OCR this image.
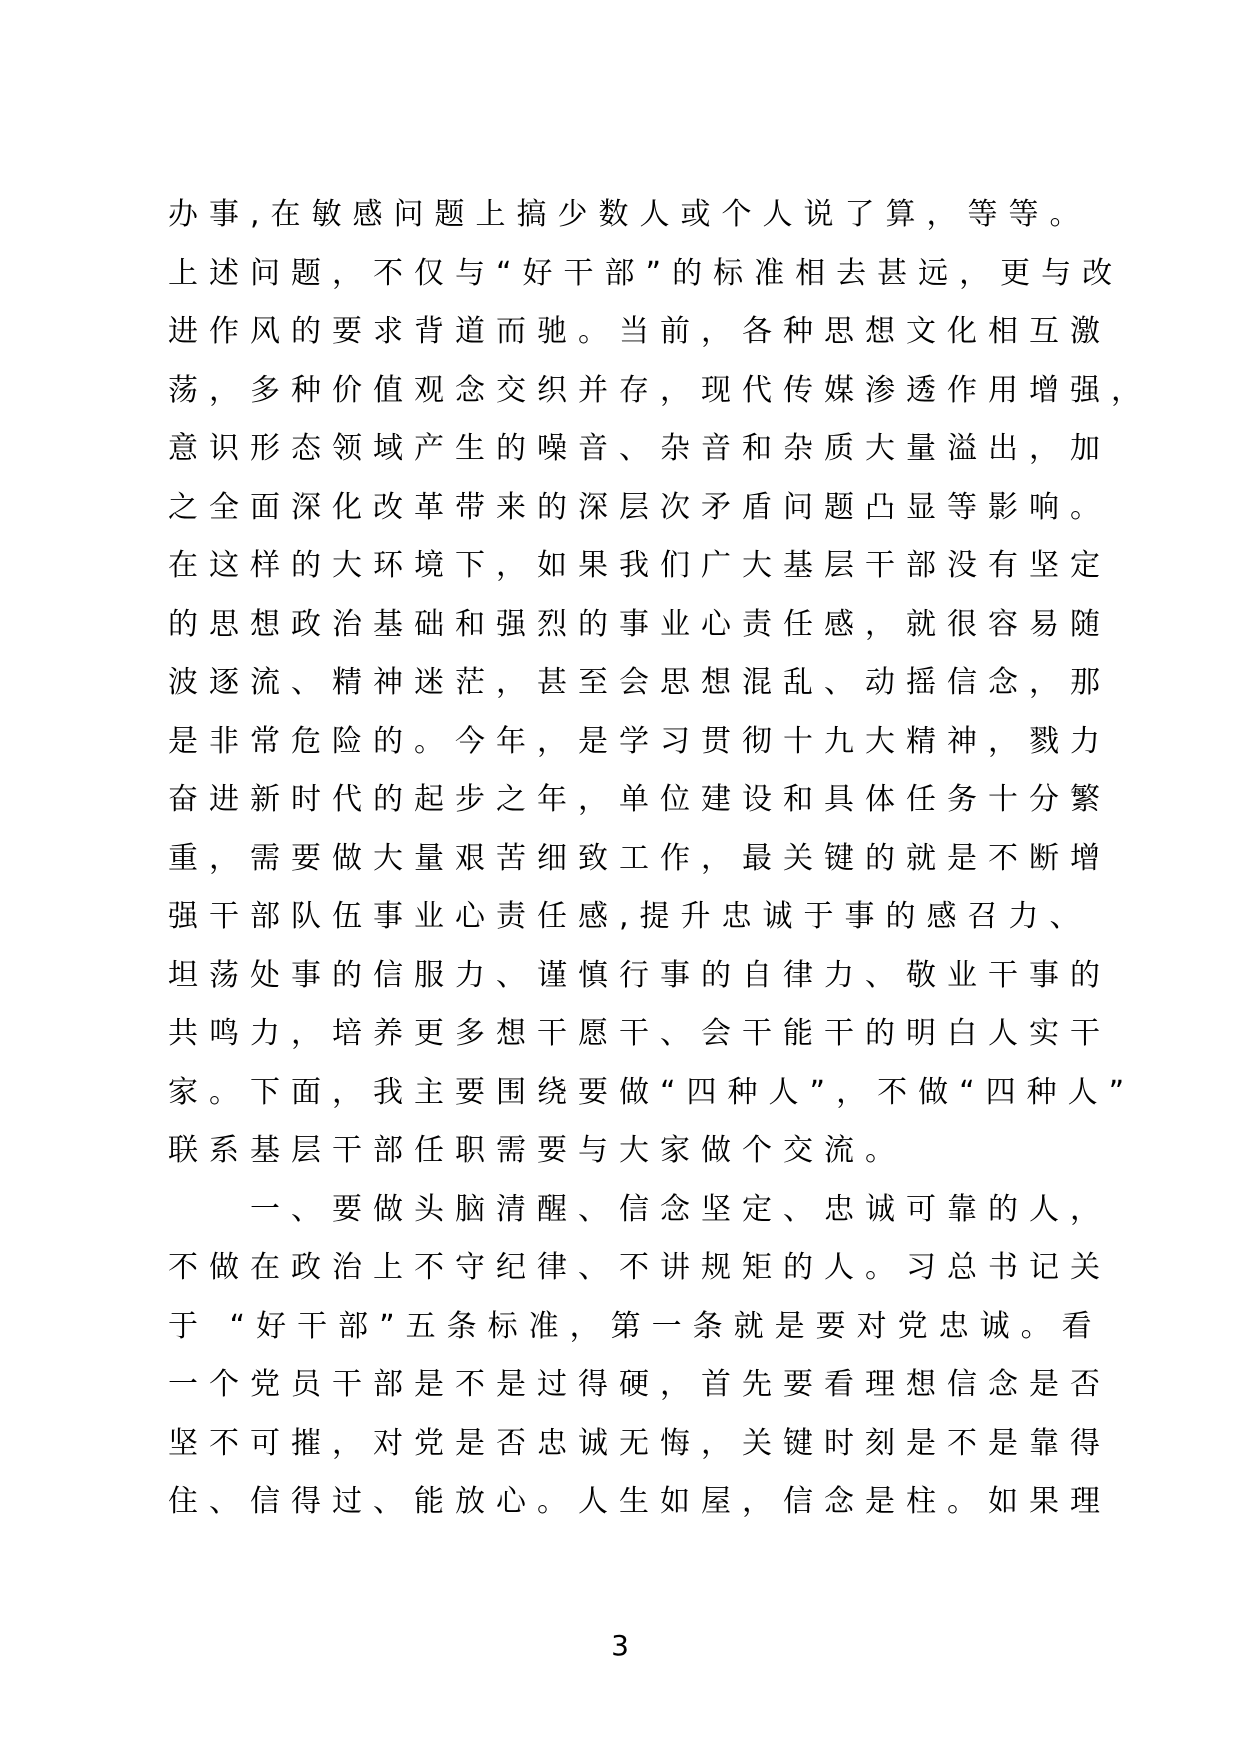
办事,在敏感问题上搞少数人或个人说了算，等等。
上述问题，不仅与“好干部”的标准相去甚远，更与改
进作风的要求背道而驰。当前，各种思想文化相互激
荡，多种价值观念交织并存，现代传媒渗透作用增强，
意识形态领域产生的噪音、杂音和杂质大量溢出，加
之全面深化改革带来的深层次矛盾问题凸显等影响。
在这样的大环境下，如果我们广大基层干部没有坚定
的思想政治基础和强烈的事业心责任感，就很容易随
波逐流、精神迷茫，甚至会思想混乱、动摇信念，那
是非常危险的。今年，是学习贯彻十九大精神，戮力
奋进新时代的起步之年，单位建设和具体任务十分繁
重，需要做大量艰苦细致工作，最关键的就是不断增
强干部队伍事业心责任感,提升忠诚于事的感召力、
坦荡处事的信服力、谨慎行事的自律力、敬业干事的
共鸣力，培养更多想干愿干、会干能干的明白人实干
家。下面，我主要围绕要做“四种人”，不做“四种人”
联系基层干部任职需要与大家做个交流。
　　一、要做头脑清醒、信念坚定、忠诚可靠的人，
不做在政治上不守纪律、不讲规矩的人。习总书记关
于 “好干部”五条标准，第一条就是要对党忠诚。看
一个党员干部是不是过得硬，首先要看理想信念是否
坚不可摧，对党是否忠诚无悔，关键时刻是不是靠得
住、信得过、能放心。人生如屋，信念是柱。如果理
3
